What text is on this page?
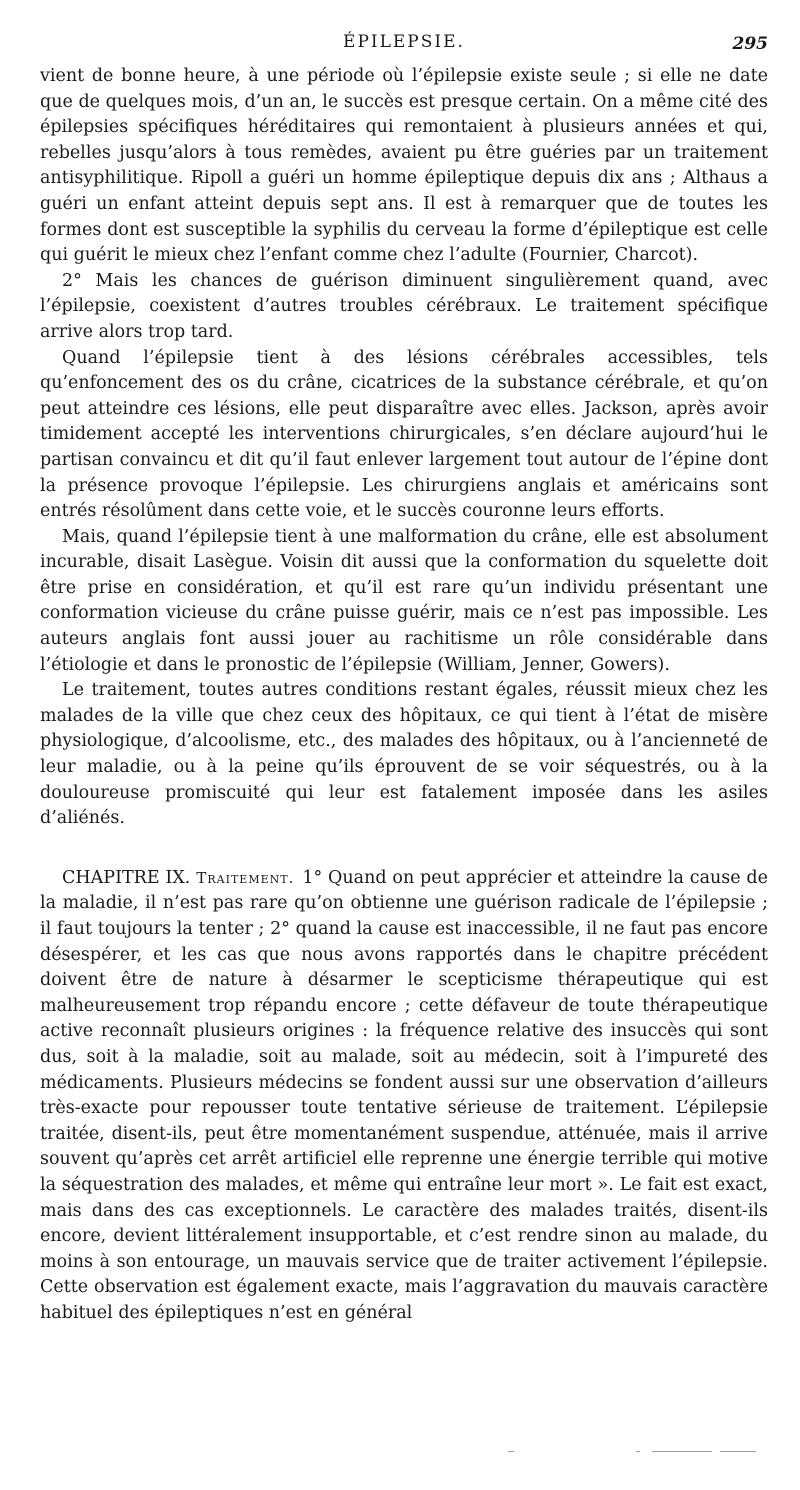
ÉPILEPSIE.	295

vient de bonne heure, à une période où l’épilepsie existe seule ; si elle ne date que de quelques mois, d’un an, le succès est presque certain. On a même cité des épilepsies spécifiques héréditaires qui remontaient à plusieurs années et qui, rebelles jusqu’alors à tous remèdes, avaient pu être guéries par un traitement antisyphilitique. Ripoll a guéri un homme épileptique depuis dix ans ; Althaus a guéri un enfant atteint depuis sept ans. Il est à remarquer que de toutes les formes dont est susceptible la syphilis du cerveau la forme d’épileptique est celle qui guérit le mieux chez l’enfant comme chez l’adulte (Fournier, Charcot).

2° Mais les chances de guérison diminuent singulièrement quand, avec l’épilepsie, coexistent d’autres troubles cérébraux. Le traitement spécifique arrive alors trop tard.

Quand l’épilepsie tient à des lésions cérébrales accessibles, tels qu’enfoncement des os du crâne, cicatrices de la substance cérébrale, et qu’on peut atteindre ces lésions, elle peut disparaître avec elles. Jackson, après avoir timidement accepté les interventions chirurgicales, s’en déclare aujourd’hui le partisan convaincu et dit qu’il faut enlever largement tout autour de l’épine dont la présence provoque l’épilepsie. Les chirurgiens anglais et américains sont entrés résolûment dans cette voie, et le succès couronne leurs efforts.

Mais, quand l’épilepsie tient à une malformation du crâne, elle est absolument incurable, disait Lasègue. Voisin dit aussi que la conformation du squelette doit être prise en considération, et qu’il est rare qu’un individu présentant une conformation vicieuse du crâne puisse guérir, mais ce n’est pas impossible. Les auteurs anglais font aussi jouer au rachitisme un rôle considérable dans l’étiologie et dans le pronostic de l’épilepsie (William, Jenner, Gowers).

Le traitement, toutes autres conditions restant égales, réussit mieux chez les malades de la ville que chez ceux des hôpitaux, ce qui tient à l’état de misère physiologique, d’alcoolisme, etc., des malades des hôpitaux, ou à l’ancienneté de leur maladie, ou à la peine qu’ils éprouvent de se voir séquestrés, ou à la douloureuse promiscuité qui leur est fatalement imposée dans les asiles d’aliénés.

CHAPITRE IX. Traitement. 1° Quand on peut apprécier et atteindre la cause de la maladie, il n’est pas rare qu’on obtienne une guérison radicale de l’épilepsie ; il faut toujours la tenter ; 2° quand la cause est inaccessible, il ne faut pas encore désespérer, et les cas que nous avons rapportés dans le chapitre précédent doivent être de nature à désarmer le scepticisme thérapeutique qui est malheureusement trop répandu encore ; cette défaveur de toute thérapeutique active reconnaît plusieurs origines : la fréquence relative des insuccès qui sont dus, soit à la maladie, soit au malade, soit au médecin, soit à l’impureté des médicaments. Plusieurs médecins se fondent aussi sur une observation d’ailleurs très-exacte pour repousser toute tentative sérieuse de traitement. L’épilepsie traitée, disent-ils, peut être momentanément suspendue, atténuée, mais il arrive souvent qu’après cet arrêt artificiel elle reprenne une énergie terrible qui motive la séquestration des malades, et même qui entraîne leur mort ». Le fait est exact, mais dans des cas exceptionnels. Le caractère des malades traités, disent-ils encore, devient littéralement insupportable, et c’est rendre sinon au malade, du moins à son entourage, un mauvais service que de traiter activement l’épilepsie. Cette observation est également exacte, mais l’aggravation du mauvais caractère habituel des épileptiques n’est en général
